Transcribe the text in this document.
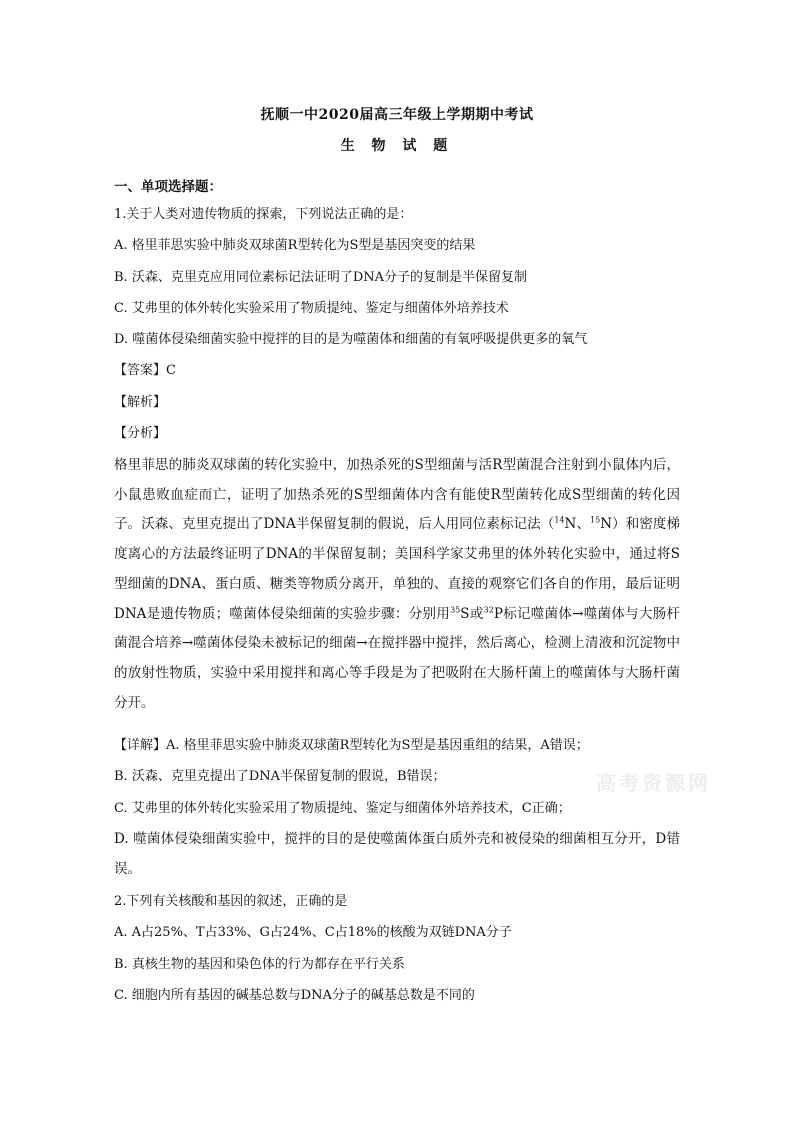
抚顺一中2020届高三年级上学期期中考试
生 物 试 题
一、单项选择题：
1.关于人类对遗传物质的探索，下列说法正确的是：
A. 格里菲思实验中肺炎双球菌R型转化为S型是基因突变的结果
B. 沃森、克里克应用同位素标记法证明了DNA分子的复制是半保留复制
C. 艾弗里的体外转化实验采用了物质提纯、鉴定与细菌体外培养技术
D. 噬菌体侵染细菌实验中搅拌的目的是为噬菌体和细菌的有氧呼吸提供更多的氧气
【答案】C
【解析】
【分析】
格里菲思的肺炎双球菌的转化实验中，加热杀死的S型细菌与活R型菌混合注射到小鼠体内后，小鼠患败血症而亡，证明了加热杀死的S型细菌体内含有能使R型菌转化成S型细菌的转化因子。沃森、克里克提出了DNA半保留复制的假说，后人用同位素标记法（$^{14}$N、$^{15}$N）和密度梯度离心的方法最终证明了DNA的半保留复制；美国科学家艾弗里的体外转化实验中，通过将S型细菌的DNA、蛋白质、糖类等物质分离开，单独的、直接的观察它们各自的作用，最后证明DNA是遗传物质；噬菌体侵染细菌的实验步骤：分别用$^{35}$S或$^{32}$P标记噬菌体→噬菌体与大肠杆菌混合培养→噬菌体侵染未被标记的细菌→在搅拌器中搅拌，然后离心，检测上清液和沉淀物中的放射性物质，实验中采用搅拌和离心等手段是为了把吸附在大肠杆菌上的噬菌体与大肠杆菌分开。
【详解】A. 格里菲思实验中肺炎双球菌R型转化为S型是基因重组的结果，A错误；
B. 沃森、克里克提出了DNA半保留复制的假说，B错误；
C. 艾弗里的体外转化实验采用了物质提纯、鉴定与细菌体外培养技术，C正确；
D. 噬菌体侵染细菌实验中，搅拌的目的是使噬菌体蛋白质外壳和被侵染的细菌相互分开，D错误。
2.下列有关核酸和基因的叙述，正确的是
A. A占25%、T占33%、G占24%、C占18%的核酸为双链DNA分子
B. 真核生物的基因和染色体的行为都存在平行关系
C. 细胞内所有基因的碱基总数与DNA分子的碱基总数是不同的
高考资源网
